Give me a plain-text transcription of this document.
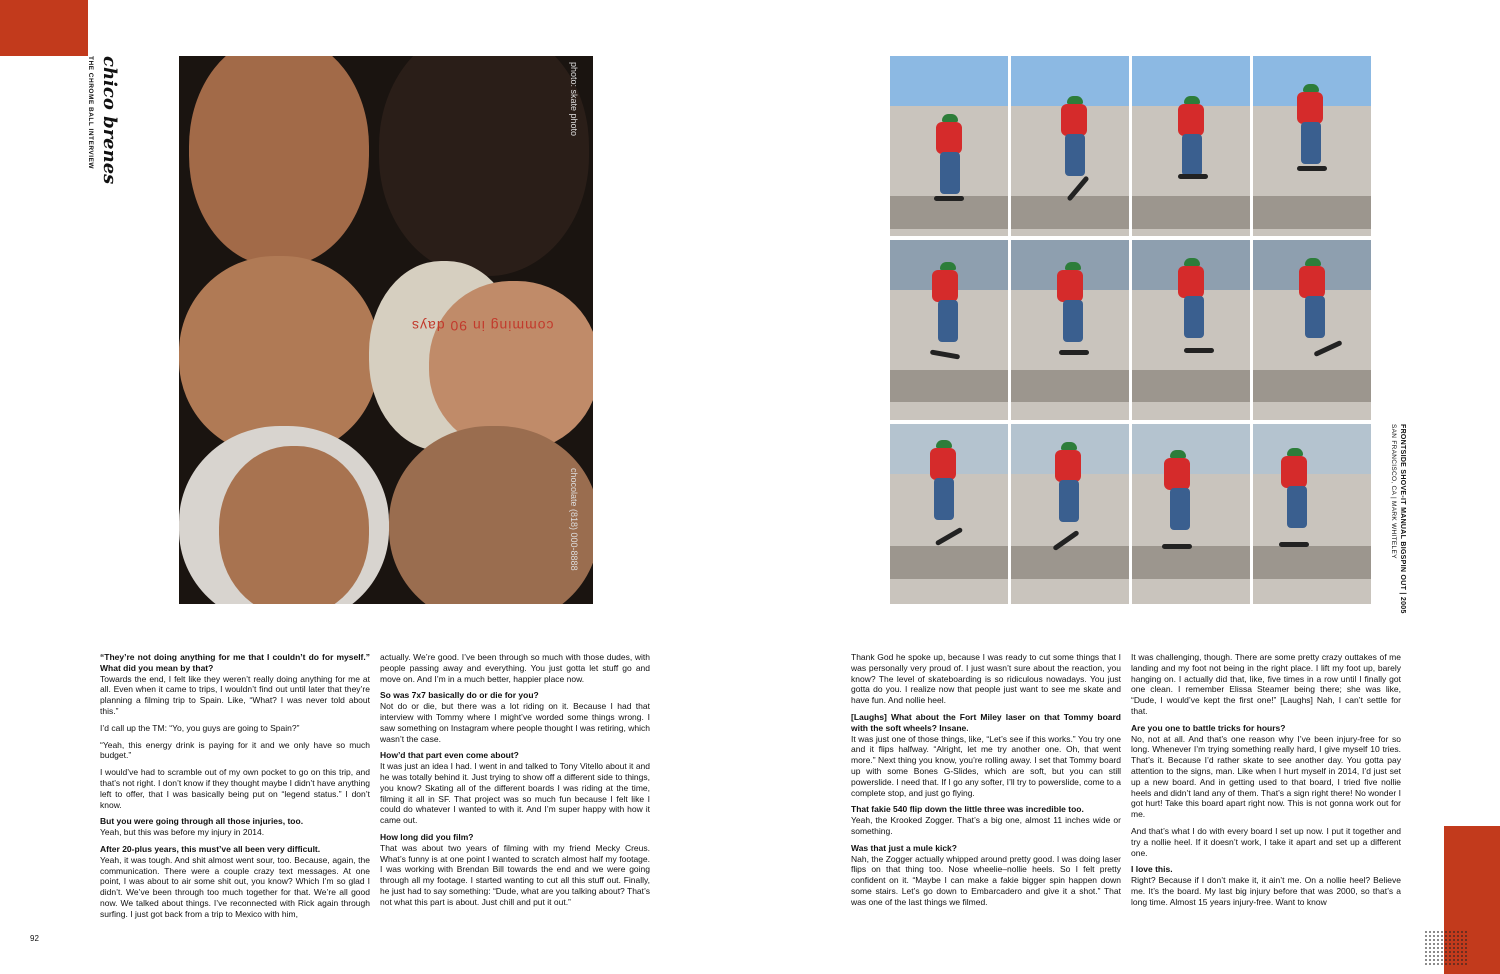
chico brenes
THE CHROME BALL INTERVIEW	photo: skate photo
comming in 90 days
chocolate (818) 000-8888	FRONTSIDE SHOVE-IT MANUAL BIGSPIN OUT | 2005
SAN FRANCISCO, CA | MARK WHITELEY

“They’re not doing anything for me that I couldn’t do for myself.” What did you mean by that?

Towards the end, I felt like they weren’t really doing anything for me at all. Even when it came to trips, I wouldn’t find out until later that they’re planning a filming trip to Spain. Like, “What? I was never told about this.”

I’d call up the TM: “Yo, you guys are going to Spain?”

“Yeah, this energy drink is paying for it and we only have so much budget.”

I would’ve had to scramble out of my own pocket to go on this trip, and that’s not right. I don’t know if they thought maybe I didn’t have anything left to offer, that I was basically being put on “legend status.” I don’t know.

But you were going through all those injuries, too.

Yeah, but this was before my injury in 2014.

After 20-plus years, this must’ve all been very difficult.

Yeah, it was tough. And shit almost went sour, too. Because, again, the communication. There were a couple crazy text messages. At one point, I was about to air some shit out, you know? Which I’m so glad I didn’t. We’ve been through too much together for that. We’re all good now. We talked about things. I’ve reconnected with Rick again through surfing. I just got back from a trip to Mexico with him,

actually. We’re good. I’ve been through so much with those dudes, with people passing away and everything. You just gotta let stuff go and move on. And I’m in a much better, happier place now.

So was 7x7 basically do or die for you?

Not do or die, but there was a lot riding on it. Because I had that interview with Tommy where I might’ve worded some things wrong. I saw something on Instagram where people thought I was retiring, which wasn’t the case.

How’d that part even come about?

It was just an idea I had. I went in and talked to Tony Vitello about it and he was totally behind it. Just trying to show off a different side to things, you know? Skating all of the different boards I was riding at the time, filming it all in SF. That project was so much fun because I felt like I could do whatever I wanted to with it. And I’m super happy with how it came out.

How long did you film?

That was about two years of filming with my friend Mecky Creus. What’s funny is at one point I wanted to scratch almost half my footage. I was working with Brendan Bill towards the end and we were going through all my footage. I started wanting to cut all this stuff out. Finally, he just had to say something: “Dude, what are you talking about? That’s not what this part is about. Just chill and put it out.”

Thank God he spoke up, because I was ready to cut some things that I was personally very proud of. I just wasn’t sure about the reaction, you know? The level of skateboarding is so ridiculous nowadays. You just gotta do you. I realize now that people just want to see me skate and have fun. And nollie heel.

[Laughs] What about the Fort Miley laser on that Tommy board with the soft wheels? Insane.

It was just one of those things, like, “Let’s see if this works.” You try one and it flips halfway. “Alright, let me try another one. Oh, that went more.” Next thing you know, you’re rolling away. I set that Tommy board up with some Bones G-Slides, which are soft, but you can still powerslide. I need that. If I go any softer, I’ll try to powerslide, come to a complete stop, and just go flying.

That fakie 540 flip down the little three was incredible too.

Yeah, the Krooked Zogger. That’s a big one, almost 11 inches wide or something.

Was that just a mule kick?

Nah, the Zogger actually whipped around pretty good. I was doing laser flips on that thing too. Nose wheelie–nollie heels. So I felt pretty confident on it. “Maybe I can make a fakie bigger spin happen down some stairs. Let’s go down to Embarcadero and give it a shot.” That was one of the last things we filmed.

It was challenging, though. There are some pretty crazy outtakes of me landing and my foot not being in the right place. I lift my foot up, barely hanging on. I actually did that, like, five times in a row until I finally got one clean. I remember Elissa Steamer being there; she was like, “Dude, I would’ve kept the first one!” [Laughs] Nah, I can’t settle for that.

Are you one to battle tricks for hours?

No, not at all. And that’s one reason why I’ve been injury-free for so long. Whenever I’m trying something really hard, I give myself 10 tries. That’s it. Because I’d rather skate to see another day. You gotta pay attention to the signs, man. Like when I hurt myself in 2014, I’d just set up a new board. And in getting used to that board, I tried five nollie heels and didn’t land any of them. That’s a sign right there! No wonder I got hurt! Take this board apart right now. This is not gonna work out for me.

And that’s what I do with every board I set up now. I put it together and try a nollie heel. If it doesn’t work, I take it apart and set up a different one.

I love this.

Right? Because if I don’t make it, it ain’t me. On a nollie heel? Believe me. It’s the board. My last big injury before that was 2000, so that’s a long time. Almost 15 years injury-free. Want to know

92
